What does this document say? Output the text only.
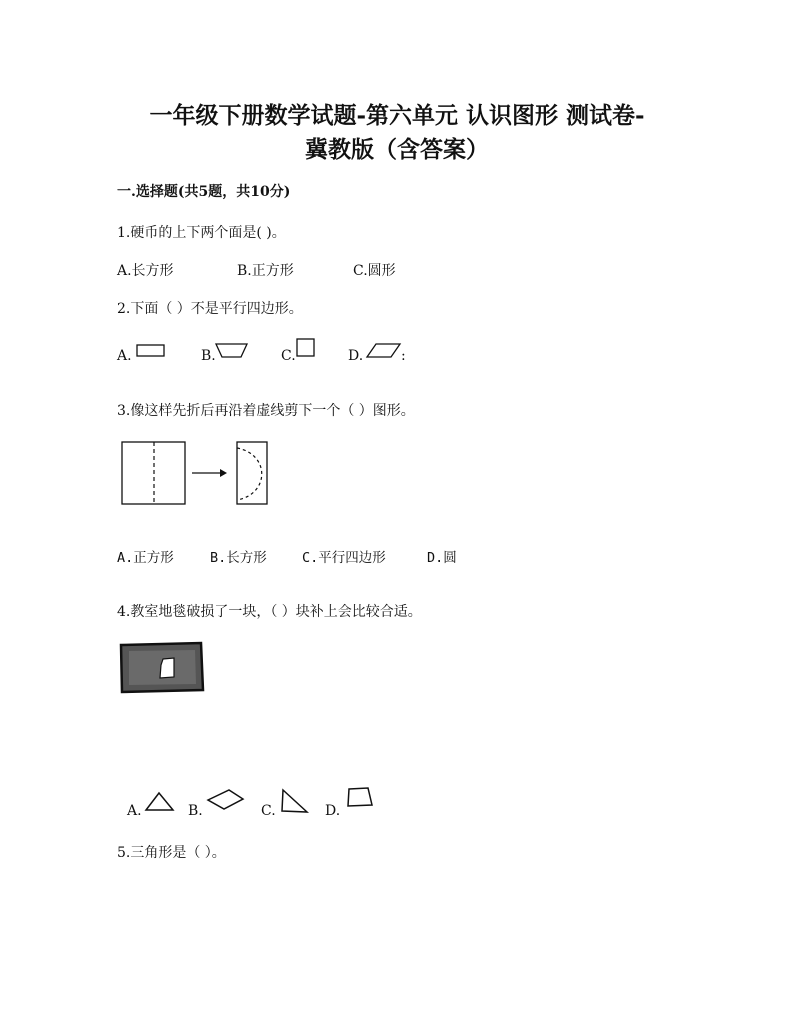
一年级下册数学试题-第六单元 认识图形 测试卷-
冀教版（含答案）
一.选择题(共5题，共10分)
1.硬币的上下两个面是( )。
A.长方形	B.正方形	C.圆形
2.下面（ ）不是平行四边形。
A.	B.	C.	D.	:
3.像这样先折后再沿着虚线剪下一个（ ）图形。
A.正方形	B.长方形	C.平行四边形	D.圆
4.教室地毯破损了一块，（ ）块补上会比较合适。
A.	B.	C.	D.
5.三角形是（ ）。
